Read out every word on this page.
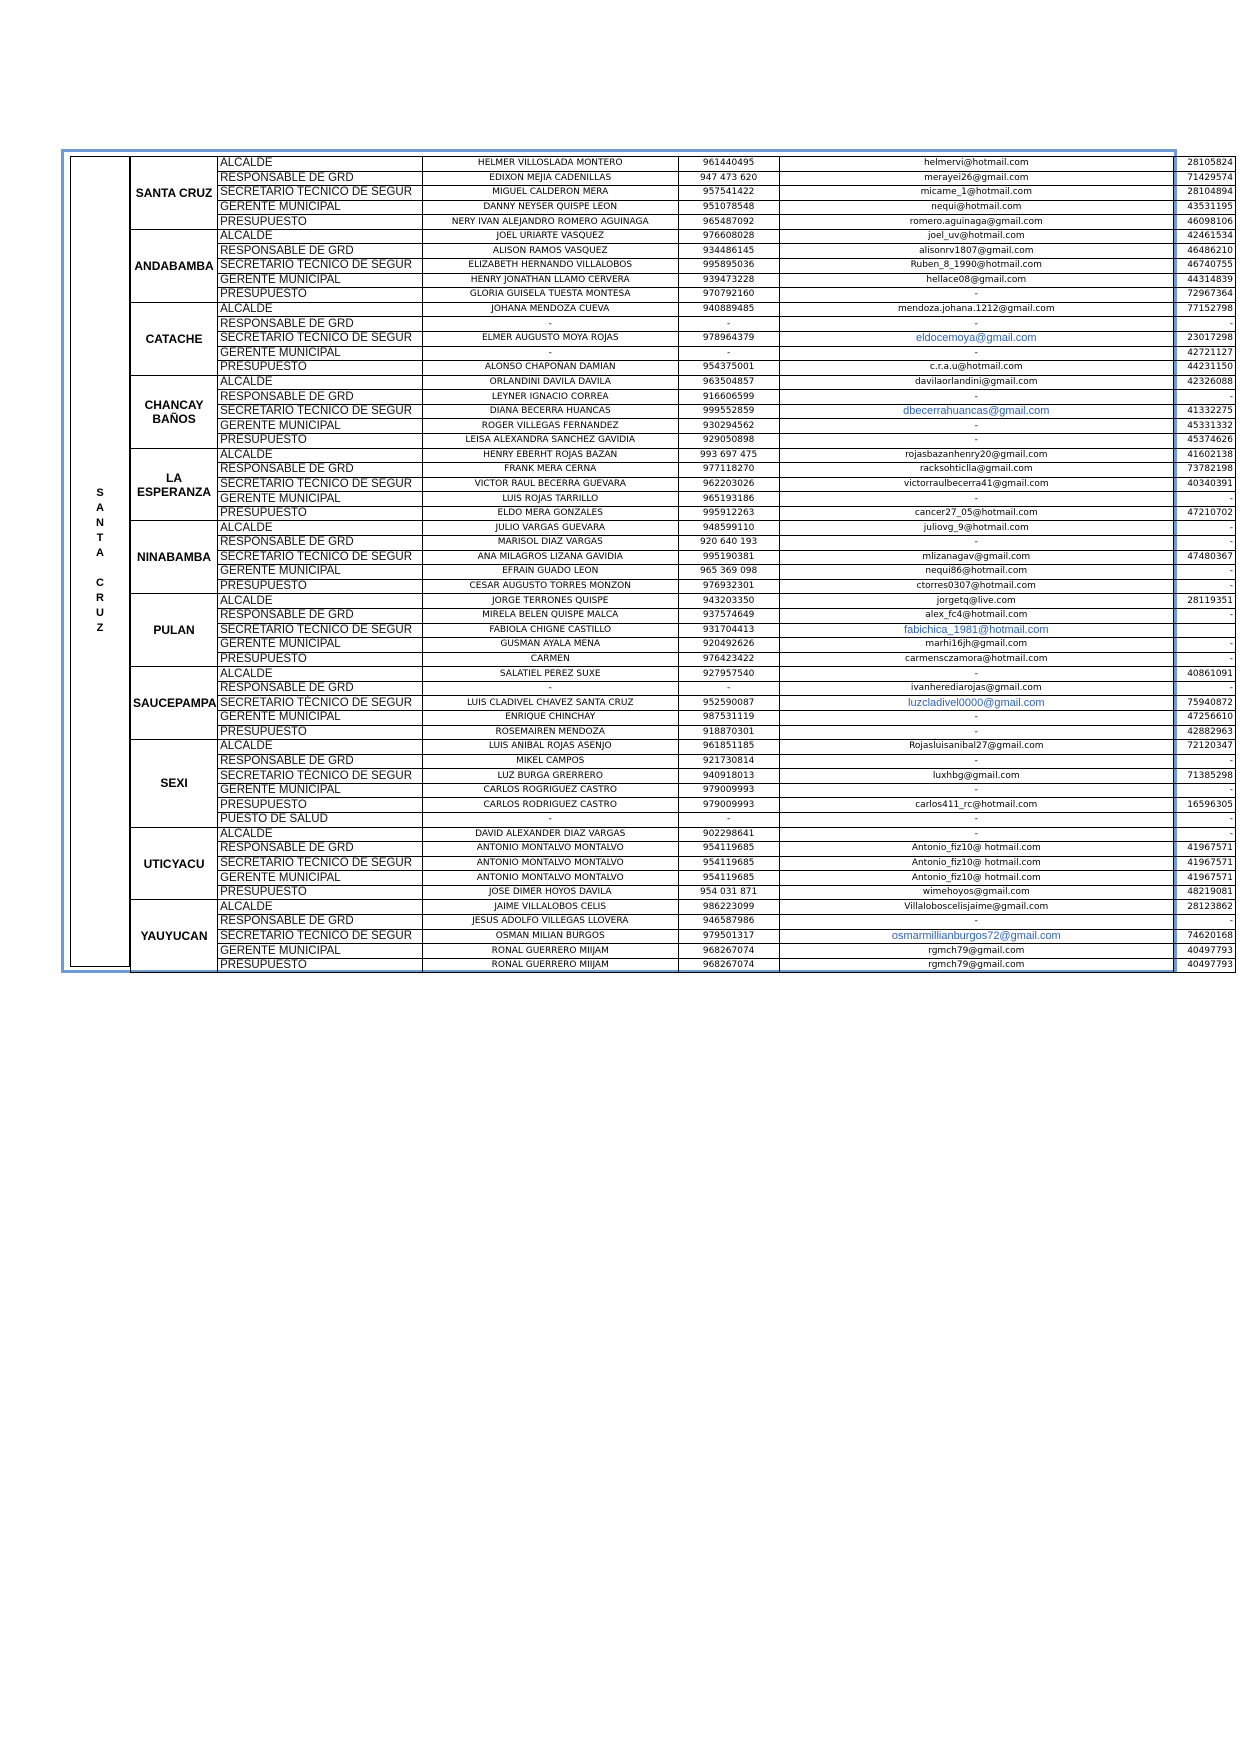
SANTA CRUZ
SANTA CRUZ	ALCALDE	HELMER VILLOSLADA MONTERO	961440495	helmervi@hotmail.com	28105824
	RESPONSABLE DE GRD	EDIXON MEJIA CADENILLAS	947 473 620	merayei26@gmail.com	71429574
	SECRETARIO TÉCNICO DE SEGUR	MIGUEL CALDERON MERA	957541422	micame_1@hotmail.com	28104894
	GERENTE MUNICIPAL	DANNY NEYSER QUISPE LEON	951078548	nequi@hotmail.com	43531195
	PRESUPUESTO	NERY IVAN ALEJANDRO ROMERO AGUINAGA	965487092	romero.aguinaga@gmail.com	46098106
ANDABAMBA	ALCALDE	JOEL URIARTE VASQUEZ	976608028	joel_uv@hotmail.com	42461534
	RESPONSABLE DE GRD	ALISON RAMOS VASQUEZ	934486145	alisonrv1807@gmail.com	46486210
	SECRETARIO TÉCNICO DE SEGUR	ELIZABETH HERNANDO VILLALOBOS	995895036	Ruben_8_1990@hotmail.com	46740755
	GERENTE MUNICIPAL	HENRY JONATHAN LLAMO CERVERA	939473228	hellace08@gmail.com	44314839
	PRESUPUESTO	GLORIA GUISELA TUESTA MONTESA	970792160	-	72967364
CATACHE	ALCALDE	JOHANA MENDOZA CUEVA	940889485	mendoza.johana.1212@gmail.com	77152798
	RESPONSABLE DE GRD	-	-	-	-
	SECRETARIO TÉCNICO DE SEGUR	ELMER AUGUSTO MOYA ROJAS	978964379	eldocemoya@gmail.com	23017298
	GERENTE MUNICIPAL	-	-	-	42721127
	PRESUPUESTO	ALONSO CHAPOÑAN DAMIAN	954375001	c.r.a.u@hotmail.com	44231150
CHANCAY BAÑOS	ALCALDE	ORLANDINI DAVILA DAVILA	963504857	davilaorlandini@gmail.com	42326088
	RESPONSABLE DE GRD	LEYNER IGNACIO CORREA	916606599	-	-
	SECRETARIO TÉCNICO DE SEGUR	DIANA BECERRA HUANCAS	999552859	dbecerrahuancas@gmail.com	41332275
	GERENTE MUNICIPAL	ROGER VILLEGAS FERNANDEZ	930294562	-	45331332
	PRESUPUESTO	LEISA ALEXANDRA SANCHEZ GAVIDIA	929050898	-	45374626
LA ESPERANZA	ALCALDE	HENRY EBERHT ROJAS BAZAN	993 697 475	rojasbazanhenry20@gmail.com	41602138
	RESPONSABLE DE GRD	FRANK MERA CERNA	977118270	racksohticlla@gmail.com	73782198
	SECRETARIO TÉCNICO DE SEGUR	VICTOR RAUL BECERRA GUEVARA	962203026	victorraulbecerra41@gmail.com	40340391
	GERENTE MUNICIPAL	LUIS ROJAS TARRILLO	965193186	-	-
	PRESUPUESTO	ELDO MERA GONZALES	995912263	cancer27_05@hotmail.com	47210702
NINABAMBA	ALCALDE	JULIO VARGAS GUEVARA	948599110	juliovg_9@hotmail.com	-
	RESPONSABLE DE GRD	MARISOL DIAZ VARGAS	920 640 193	-	-
	SECRETARIO TÉCNICO DE SEGUR	ANA MILAGROS LIZANA GAVIDIA	995190381	mlizanagav@gmail.com	47480367
	GERENTE MUNICIPAL	EFRAIN GUADO LEON	965 369 098	nequi86@hotmail.com	-
	PRESUPUESTO	CESAR AUGUSTO TORRES MONZON	976932301	ctorres0307@hotmail.com	-
PULAN	ALCALDE	JORGE TERRONES QUISPE	943203350	jorgetq@live.com	28119351
	RESPONSABLE DE GRD	MIRELA BELEN QUISPE MALCA	937574649	alex_fc4@hotmail.com	-
	SECRETARIO TÉCNICO DE SEGUR	FABIOLA CHIGNE CASTILLO	931704413	fabichica_1981@hotmail.com	
	GERENTE MUNICIPAL	GUSMAN AYALA MENA	920492626	marhi16jh@gmail.com	-
	PRESUPUESTO	CARMEN	976423422	carmensczamora@hotmail.com	-
SAUCEPAMPA	ALCALDE	SALATIEL PEREZ SUXE	927957540	-	40861091
	RESPONSABLE DE GRD	-	-	ivanherediarojas@gmail.com	-
	SECRETARIO TÉCNICO DE SEGUR	LUIS CLADIVEL CHAVEZ SANTA CRUZ	952590087	luzcladivel0000@gmail.com	75940872
	GERENTE MUNICIPAL	ENRIQUE CHINCHAY	987531119	-	47256610
	PRESUPUESTO	ROSEMAIREN MENDOZA	918870301	-	42882963
SEXI	ALCALDE	LUIS ANIBAL ROJAS ASENJO	961851185	Rojasluisanibal27@gmail.com	72120347
	RESPONSABLE DE GRD	MIKEL CAMPOS	921730814	-	-
	SECRETARIO TÉCNICO DE SEGUR	LUZ BURGA GRERRERO	940918013	luxhbg@gmail.com	71385298
	GERENTE MUNICIPAL	CARLOS ROGRIGUEZ CASTRO	979009993	-	-
	PRESUPUESTO	CARLOS RODRIGUEZ CASTRO	979009993	carlos411_rc@hotmail.com	16596305
	PUESTO DE SALUD	-	-	-	-
UTICYACU	ALCALDE	DAVID ALEXANDER DIAZ VARGAS	902298641	-	-
	RESPONSABLE DE GRD	ANTONIO MONTALVO MONTALVO	954119685	Antonio_fiz10@ hotmail.com	41967571
	SECRETARIO TÉCNICO DE SEGUR	ANTONIO MONTALVO MONTALVO	954119685	Antonio_fiz10@ hotmail.com	41967571
	GERENTE MUNICIPAL	ANTONIO MONTALVO MONTALVO	954119685	Antonio_fiz10@ hotmail.com	41967571
	PRESUPUESTO	JOSE DIMER HOYOS DAVILA	954 031 871	wimehoyos@gmail.com	48219081
YAUYUCAN	ALCALDE	JAIME VILLALOBOS CELIS	986223099	Villaloboscelisjaime@gmail.com	28123862
	RESPONSABLE DE GRD	JESUS ADOLFO VILLEGAS LLOVERA	946587986	-	-
	SECRETARIO TÉCNICO DE SEGUR	OSMAN MILIAN BURGOS	979501317	osmarmillianburgos72@gmail.com	74620168
	GERENTE MUNICIPAL	RONAL GUERRERO MIIJAM	968267074	rgmch79@gmail.com	40497793
	PRESUPUESTO	RONAL GUERRERO MIIJAM	968267074	rgmch79@gmail.com	40497793
